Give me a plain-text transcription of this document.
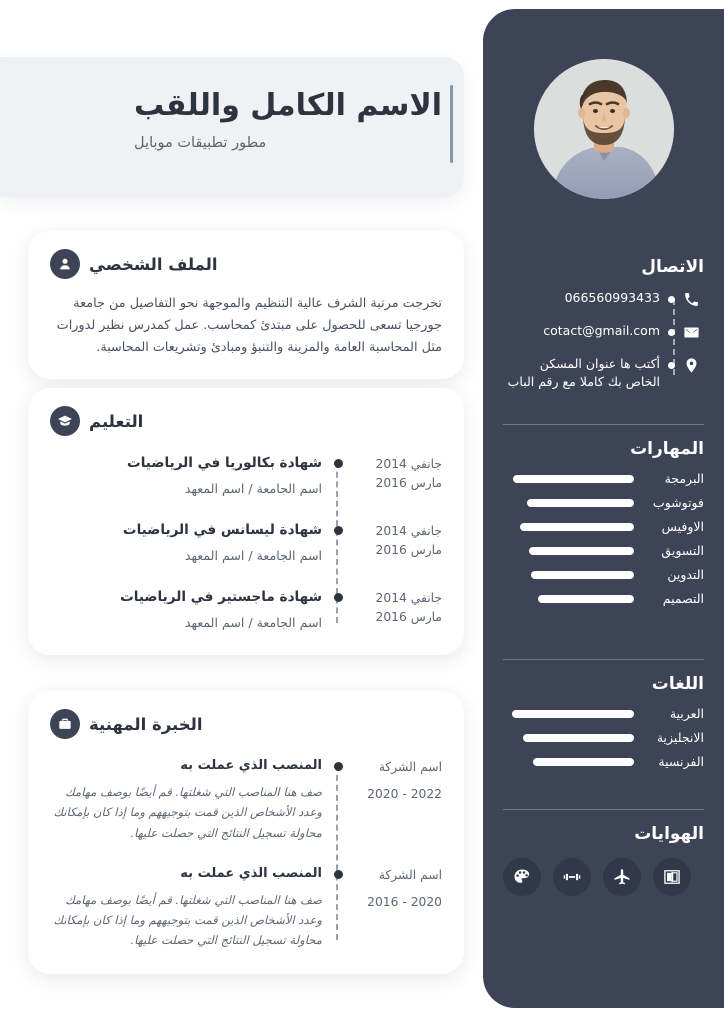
الاتصال
066560993433
cotact@gmail.com
أكتب ها عنوان المسكن الخاص بك كاملا مع رقم الباب
المهارات
البرمجة
فوتوشوب
الاوفيس
التسويق
التدوين
التصميم
اللغات
العربية
الانجليزية
الفرنسية
الهوايات
الاسم الكامل واللقب
مطور تطبيقات موبايل
الملف الشخصي
تخرجت مرتبة الشرف عالية التنظيم والموجهة نحو التفاصيل من جامعة جورجيا تسعى للحصول على مبتدئ كمحاسب. عمل كمدرس نظير لدورات مثل المحاسبة العامة والمزينة والتنبؤ ومبادئ وتشريعات المحاسبة.
التعليم
جانفي 2014
مارس 2016
شهادة بكالوريا في الرياضيات
اسم الجامعة / اسم المعهد
جانفي 2014
مارس 2016
شهادة ليسانس في الرياضيات
اسم الجامعة / اسم المعهد
جانفي 2014
مارس 2016
شهادة ماجستير في الرياضيات
اسم الجامعة / اسم المعهد
الخبرة المهنية
اسم الشركة
2020 - 2022
المنصب الذي عملت به
صف هنا المناصب التي شغلتها. قم أيضًا بوصف مهامك وعدد الأشخاص الذين قمت بتوجيههم وما إذا كان بإمكانك محاولة تسجيل النتائج التي حصلت عليها.
اسم الشركة
2016 - 2020
المنصب الذي عملت به
صف هنا المناصب التي شغلتها. قم أيضًا بوصف مهامك وعدد الأشخاص الذين قمت بتوجيههم وما إذا كان بإمكانك محاولة تسجيل النتائج التي حصلت عليها.
